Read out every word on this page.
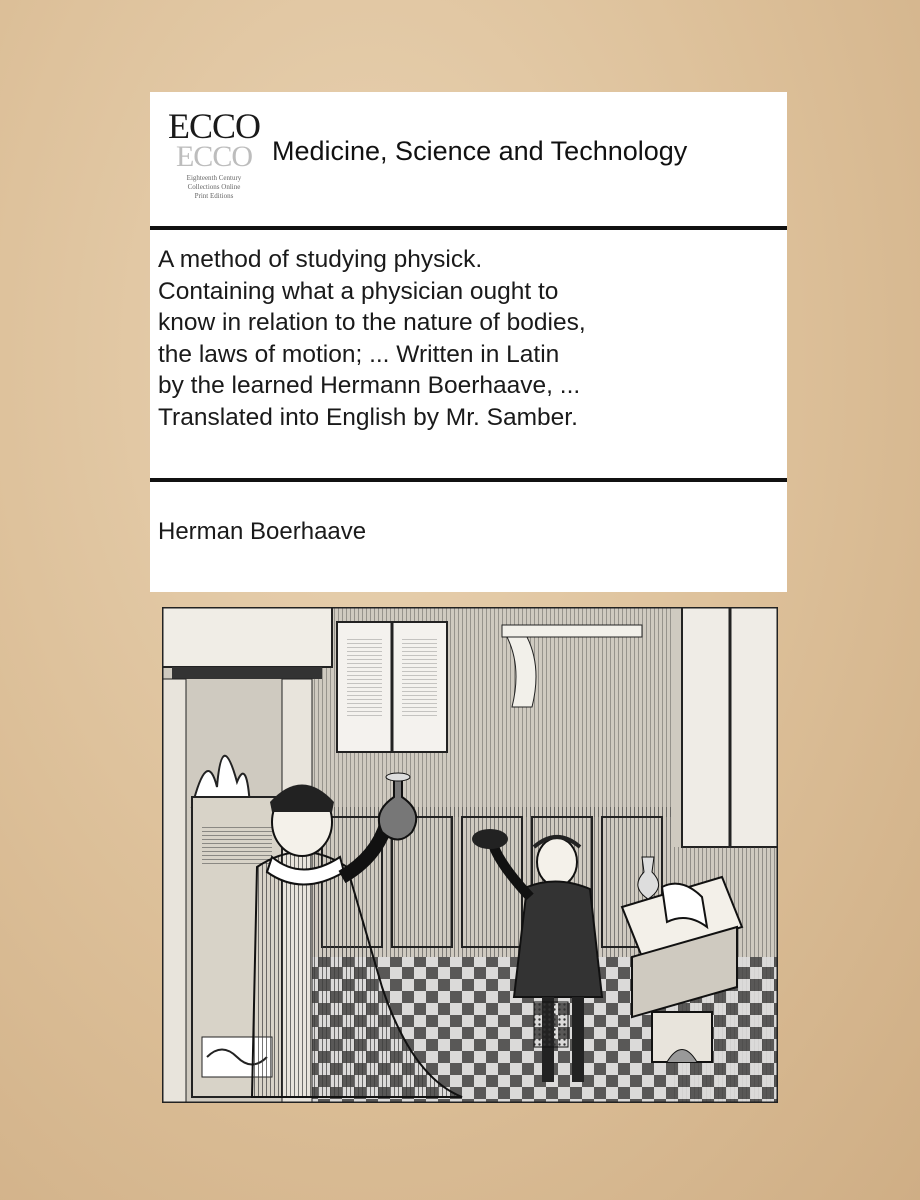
ECCO
ECCO
Eighteenth Century
Collections Online
Print Editions
Medicine, Science and Technology
A method of studying physick.
Containing what a physician ought to
know in relation to the nature of bodies,
the laws of motion; ... Written in Latin
by the learned Hermann Boerhaave, ...
Translated into English by Mr. Samber.
Herman Boerhaave
